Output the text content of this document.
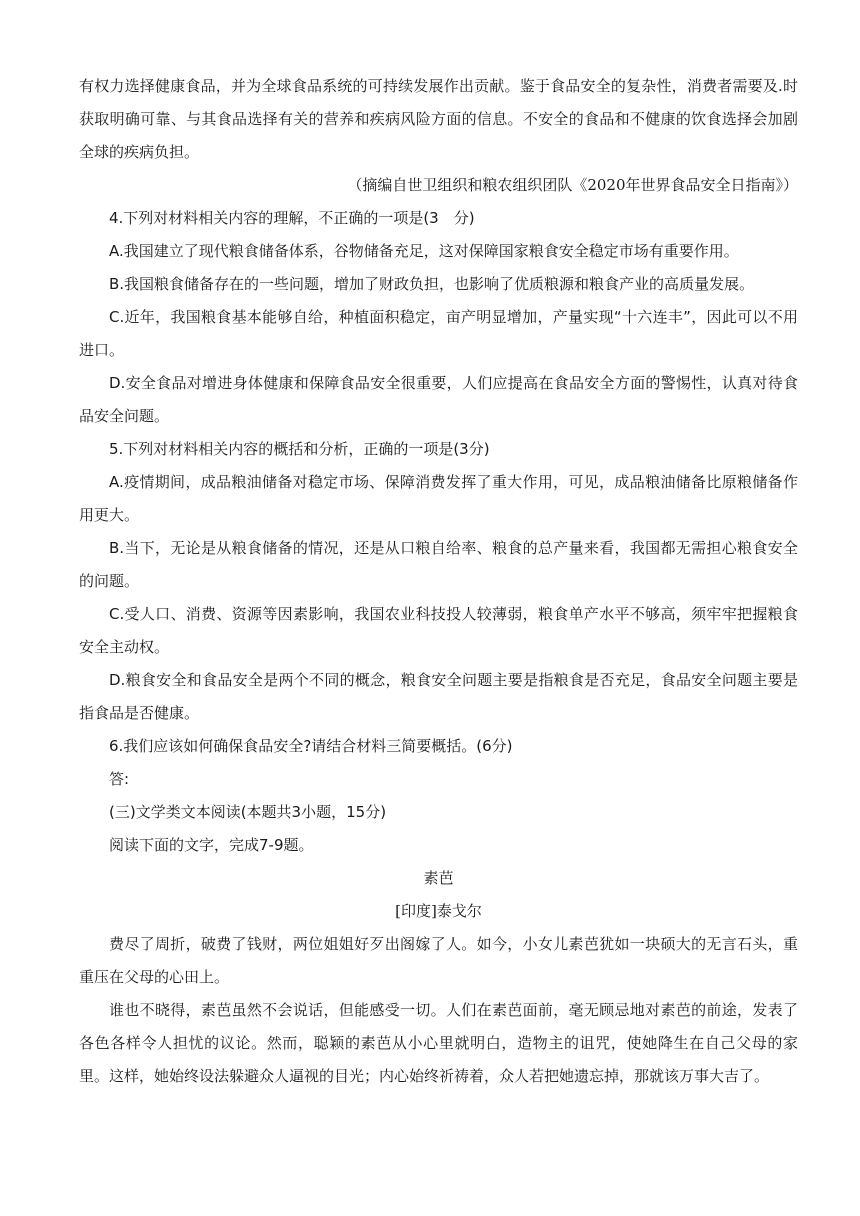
有权力选择健康食品，并为全球食品系统的可持续发展作出贡献。鉴于食品安全的复杂性，消费者需要及.时获取明确可靠、与其食品选择有关的营养和疾病风险方面的信息。不安全的食品和不健康的饮食选择会加剧全球的疾病负担。

（摘编自世卫组织和粮农组织团队《2020年世界食品安全日指南》）

4.下列对材料相关内容的理解，不正确的一项是(3　分)

A.我国建立了现代粮食储备体系，谷物储备充足，这对保障国家粮食安全稳定市场有重要作用。

B.我国粮食储备存在的一些问题，增加了财政负担，也影响了优质粮源和粮食产业的高质量发展。

C.近年，我国粮食基本能够自给，种植面积稳定，亩产明显增加，产量实现“十六连丰”，因此可以不用进口。

D.安全食品对增进身体健康和保障食品安全很重要，人们应提高在食品安全方面的警惕性，认真对待食品安全问题。

5.下列对材料相关内容的概括和分析，正确的一项是(3分)

A.疫情期间，成品粮油储备对稳定市场、保障消费发挥了重大作用，可见，成品粮油储备比原粮储备作用更大。

B.当下，无论是从粮食储备的情况，还是从口粮自给率、粮食的总产量来看，我国都无需担心粮食安全的问题。

C.受人口、消费、资源等因素影响，我国农业科技投人较薄弱，粮食单产水平不够高，须牢牢把握粮食安全主动权。

D.粮食安全和食品安全是两个不同的概念，粮食安全问题主要是指粮食是否充足，食品安全问题主要是指食品是否健康。

6.我们应该如何确保食品安全?请结合材料三简要概括。(6分)

答:

(三)文学类文本阅读(本题共3小题，15分)

阅读下面的文字，完成7-9题。

素芭

[印度]泰戈尔

费尽了周折，破费了钱财，两位姐姐好歹出阁嫁了人。如今，小女儿素芭犹如一块硕大的无言石头，重重压在父母的心田上。

谁也不晓得，素芭虽然不会说话，但能感受一切。人们在素芭面前，毫无顾忌地对素芭的前途，发表了各色各样令人担忧的议论。然而，聪颖的素芭从小心里就明白，造物主的诅咒，使她降生在自己父母的家里。这样，她始终设法躲避众人逼视的目光；内心始终祈祷着，众人若把她遗忘掉，那就该万事大吉了。
